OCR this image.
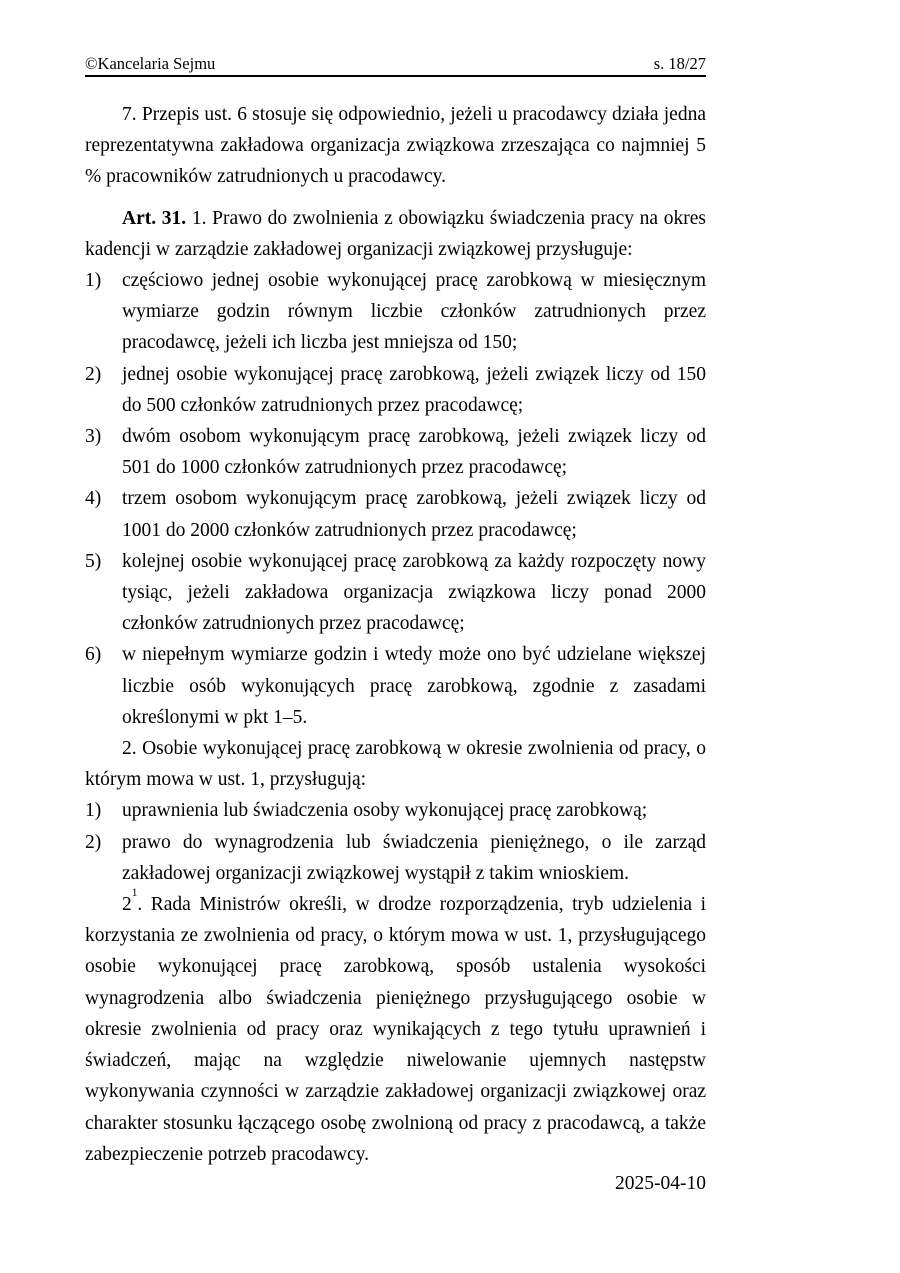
©Kancelaria Sejmu	s. 18/27

7. Przepis ust. 6 stosuje się odpowiednio, jeżeli u pracodawcy działa jedna reprezentatywna zakładowa organizacja związkowa zrzeszająca co najmniej 5 % pracowników zatrudnionych u pracodawcy.

Art. 31. 1. Prawo do zwolnienia z obowiązku świadczenia pracy na okres kadencji w zarządzie zakładowej organizacji związkowej przysługuje:

1) częściowo jednej osobie wykonującej pracę zarobkową w miesięcznym wymiarze godzin równym liczbie członków zatrudnionych przez pracodawcę, jeżeli ich liczba jest mniejsza od 150;
2) jednej osobie wykonującej pracę zarobkową, jeżeli związek liczy od 150 do 500 członków zatrudnionych przez pracodawcę;
3) dwóm osobom wykonującym pracę zarobkową, jeżeli związek liczy od 501 do 1000 członków zatrudnionych przez pracodawcę;
4) trzem osobom wykonującym pracę zarobkową, jeżeli związek liczy od 1001 do 2000 członków zatrudnionych przez pracodawcę;
5) kolejnej osobie wykonującej pracę zarobkową za każdy rozpoczęty nowy tysiąc, jeżeli zakładowa organizacja związkowa liczy ponad 2000 członków zatrudnionych przez pracodawcę;
6) w niepełnym wymiarze godzin i wtedy może ono być udzielane większej liczbie osób wykonujących pracę zarobkową, zgodnie z zasadami określonymi w pkt 1–5.

2. Osobie wykonującej pracę zarobkową w okresie zwolnienia od pracy, o którym mowa w ust. 1, przysługują:

1) uprawnienia lub świadczenia osoby wykonującej pracę zarobkową;
2) prawo do wynagrodzenia lub świadczenia pieniężnego, o ile zarząd zakładowej organizacji związkowej wystąpił z takim wnioskiem.

2$^1$. Rada Ministrów określi, w drodze rozporządzenia, tryb udzielenia i korzystania ze zwolnienia od pracy, o którym mowa w ust. 1, przysługującego osobie wykonującej pracę zarobkową, sposób ustalenia wysokości wynagrodzenia albo świadczenia pieniężnego przysługującego osobie w okresie zwolnienia od pracy oraz wynikających z tego tytułu uprawnień i świadczeń, mając na względzie niwelowanie ujemnych następstw wykonywania czynności w zarządzie zakładowej organizacji związkowej oraz charakter stosunku łączącego osobę zwolnioną od pracy z pracodawcą, a także zabezpieczenie potrzeb pracodawcy.

2025-04-10
